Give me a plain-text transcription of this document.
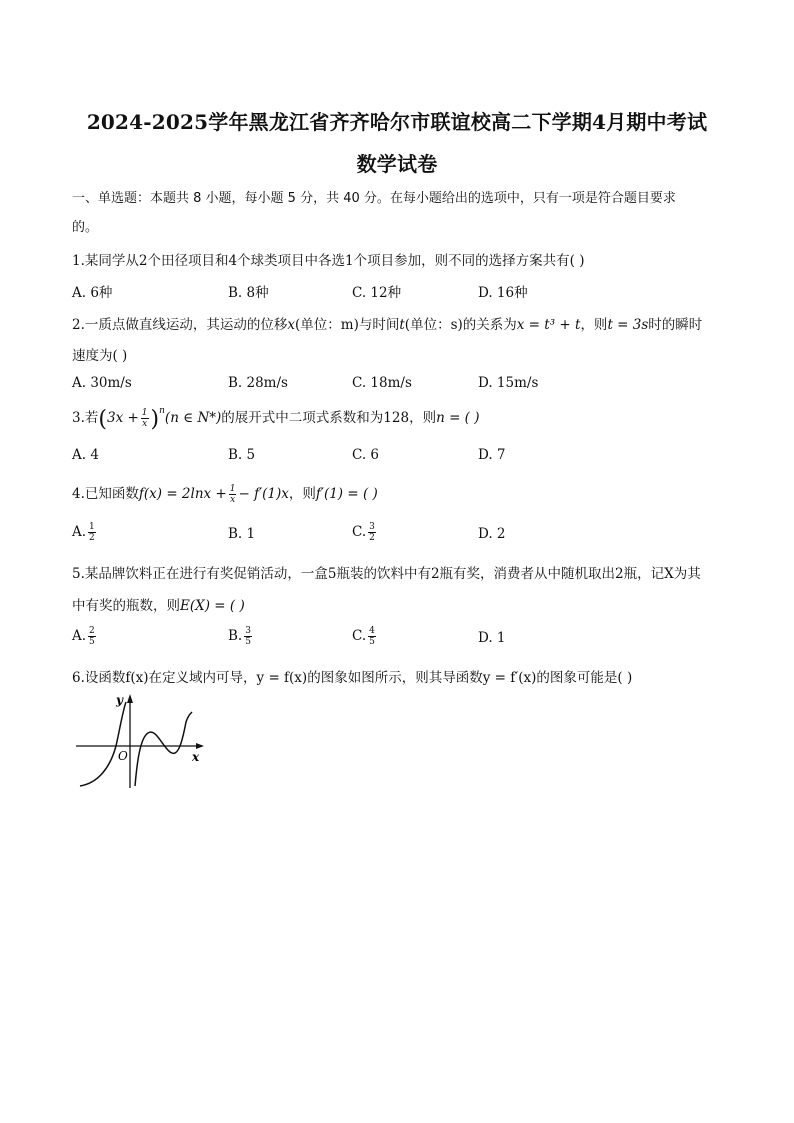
2024-2025学年黑龙江省齐齐哈尔市联谊校高二下学期4月期中考试
数学试卷
一、单选题：本题共 8 小题，每小题 5 分，共 40 分。在每小题给出的选项中，只有一项是符合题目要求
的。
1.某同学从2个田径项目和4个球类项目中各选1个项目参加，则不同的选择方案共有( )
A. 6种	B. 8种	C. 12种	D. 16种
2.一质点做直线运动，其运动的位移x(单位：m)与时间t(单位：s)的关系为x = t³ + t，则t = 3s时的瞬时
速度为( )
A. 30m/s	B. 28m/s	C. 18m/s	D. 15m/s
3.若$(3x + \frac{1}{x} )^n(n$ ∈ N*)的展开式中二项式系数和为128，则n = ( )
A. 4	B. 5	C. 6	D. 7
4.已知函数$f(x) = 2\ln x + \frac{1}{x} - f'(1)x$，则f′(1) = ( )
A. $\frac{1}{2}$	B. 1	C. $\frac{3}{2}$	D. 2
5.某品牌饮料正在进行有奖促销活动，一盒5瓶装的饮料中有2瓶有奖，消费者从中随机取出2瓶，记X为其
中有奖的瓶数，则E(X) = ( )
A. $\frac{2}{5}$	B. $\frac{3}{5}$	C. $\frac{4}{5}$	D. 1
6.设函数f(x)在定义域内可导，y = f(x)的图象如图所示，则其导函数y = f′(x)的图象可能是( )
y
O	x
